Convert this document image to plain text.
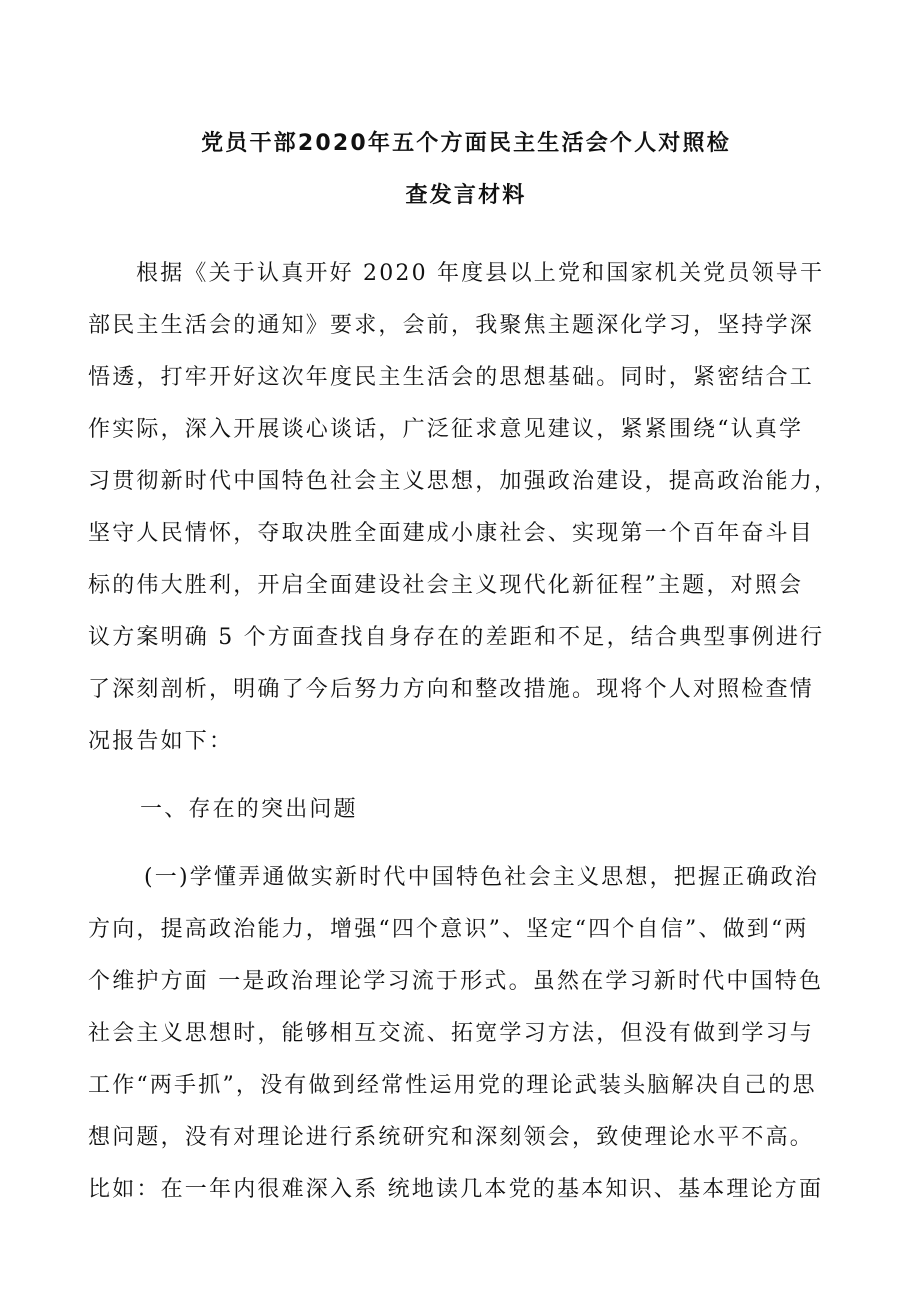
党员干部2020年五个方面民主生活会个人对照检
查发言材料
根据《关于认真开好 2020 年度县以上党和国家机关党员领导干
部民主生活会的通知》要求，会前，我聚焦主题深化学习，坚持学深
悟透，打牢开好这次年度民主生活会的思想基础。同时，紧密结合工
作实际，深入开展谈心谈话，广泛征求意见建议，紧紧围绕“认真学
习贯彻新时代中国特色社会主义思想，加强政治建设，提高政治能力，
坚守人民情怀，夺取决胜全面建成小康社会、实现第一个百年奋斗目
标的伟大胜利，开启全面建设社会主义现代化新征程”主题，对照会
议方案明确 5 个方面查找自身存在的差距和不足，结合典型事例进行
了深刻剖析，明确了今后努力方向和整改措施。现将个人对照检查情
况报告如下：
一、存在的突出问题
(一)学懂弄通做实新时代中国特色社会主义思想，把握正确政治
方向，提高政治能力，增强“四个意识”、坚定“四个自信”、做到“两
个维护方面 一是政治理论学习流于形式。虽然在学习新时代中国特色
社会主义思想时，能够相互交流、拓宽学习方法，但没有做到学习与
工作“两手抓”，没有做到经常性运用党的理论武装头脑解决自己的思
想问题，没有对理论进行系统研究和深刻领会，致使理论水平不高。
比如：在一年内很难深入系 统地读几本党的基本知识、基本理论方面
